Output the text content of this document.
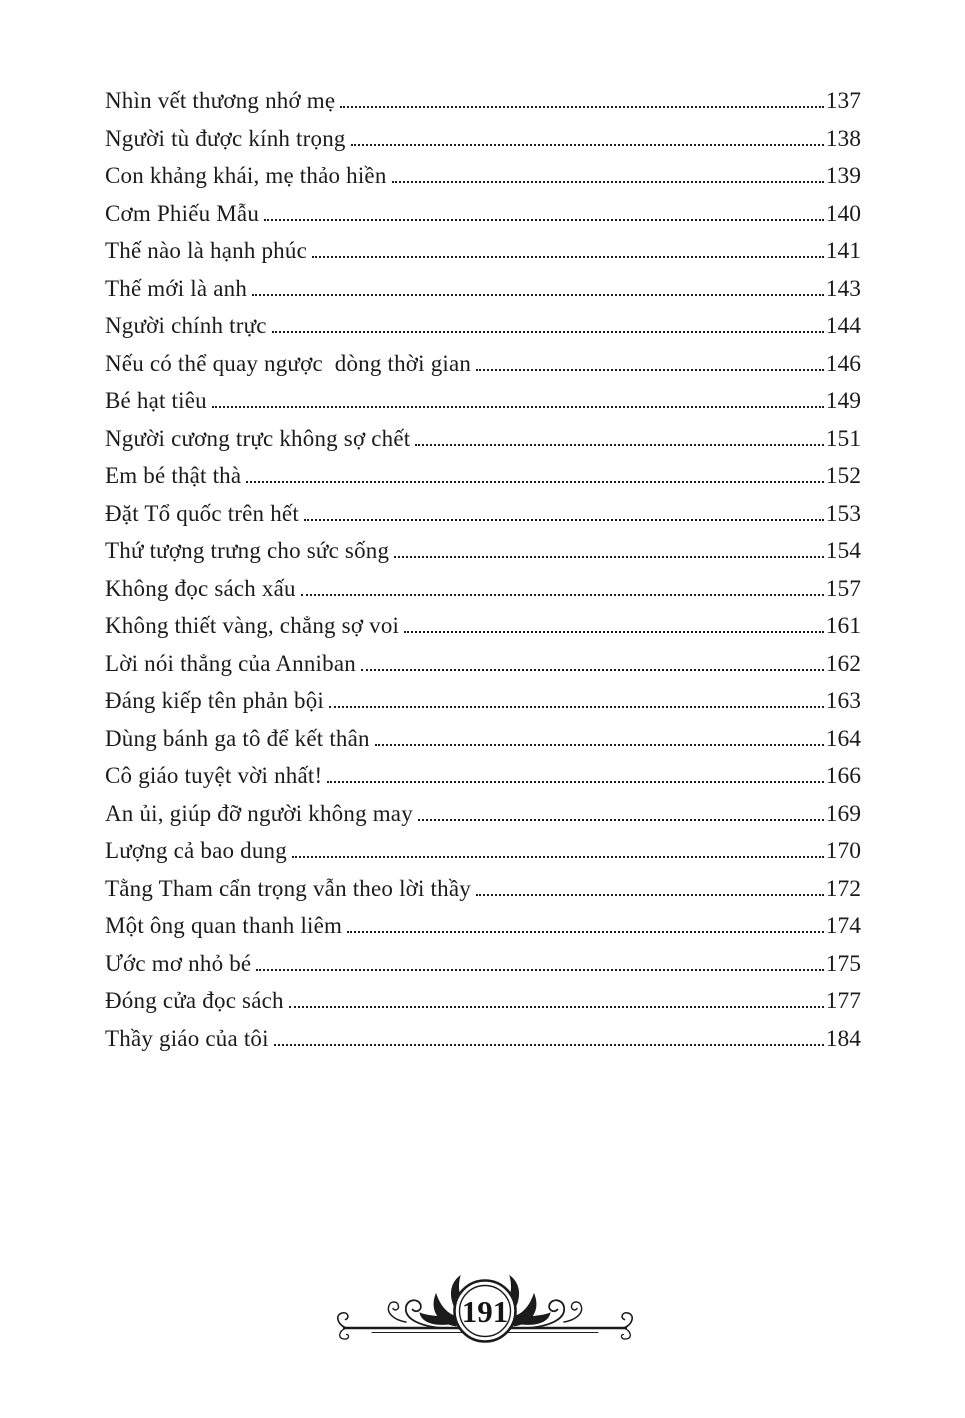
Nhìn vết thương nhớ mẹ	137
Người tù được kính trọng	138
Con khảng khái, mẹ thảo hiền	139
Cơm Phiếu Mẫu	140
Thế nào là hạnh phúc	141
Thế mới là anh	143
Người chính trực	144
Nếu có thể quay ngược  dòng thời gian	146
Bé hạt tiêu	149
Người cương trực không sợ chết	151
Em bé thật thà	152
Đặt Tổ quốc trên hết	153
Thứ tượng trưng cho sức sống	154
Không đọc sách xấu	157
Không thiết vàng, chẳng sợ voi	161
Lời nói thẳng của Anniban	162
Đáng kiếp tên phản bội	163
Dùng bánh ga tô để kết thân	164
Cô giáo tuyệt vời nhất!	166
An ủi, giúp đỡ người không may	169
Lượng cả bao dung	170
Tằng Tham cẩn trọng vẫn theo lời thầy	172
Một ông quan thanh liêm	174
Ước mơ nhỏ bé	175
Đóng cửa đọc sách	177
Thầy giáo của tôi	184
191
